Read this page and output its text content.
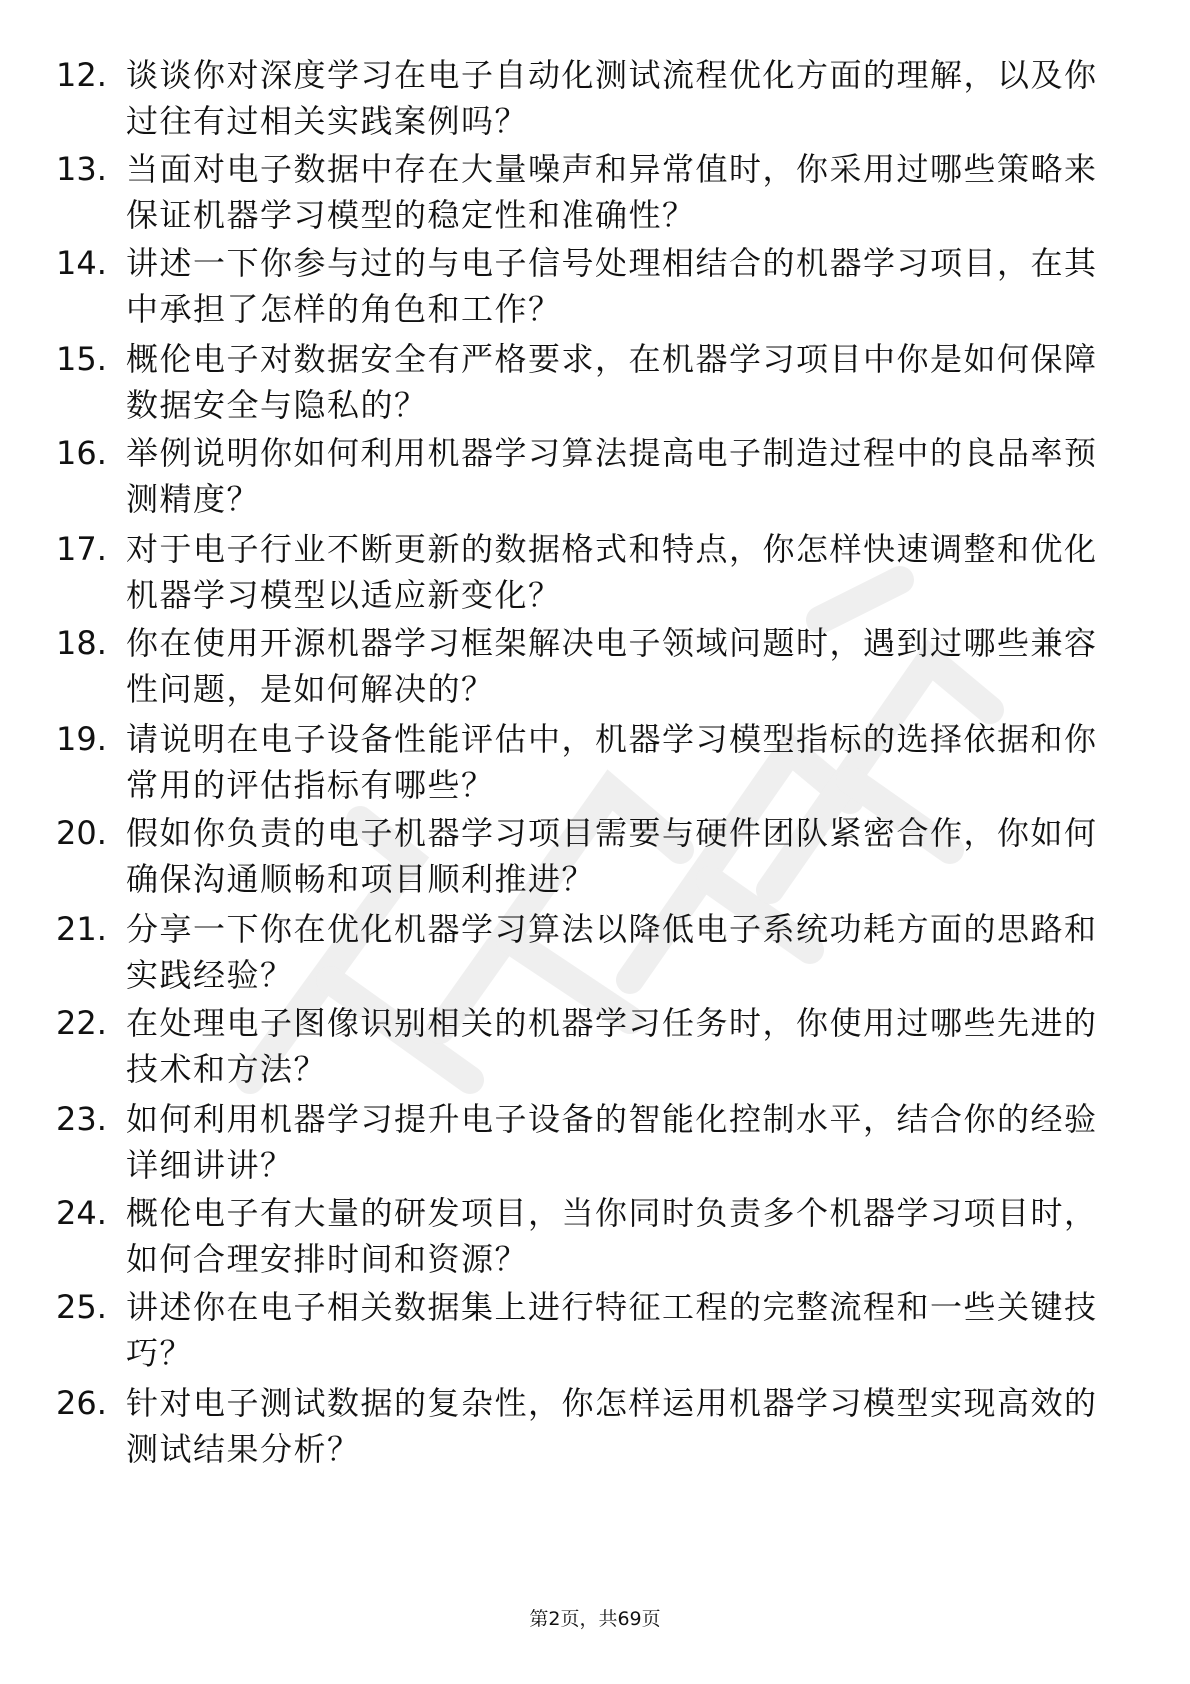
12. 谈谈你对深度学习在电子自动化测试流程优化方面的理解，以及你过往有过相关实践案例吗？
13. 当面对电子数据中存在大量噪声和异常值时，你采用过哪些策略来保证机器学习模型的稳定性和准确性？
14. 讲述一下你参与过的与电子信号处理相结合的机器学习项目，在其中承担了怎样的角色和工作？
15. 概伦电子对数据安全有严格要求，在机器学习项目中你是如何保障数据安全与隐私的？
16. 举例说明你如何利用机器学习算法提高电子制造过程中的良品率预测精度？
17. 对于电子行业不断更新的数据格式和特点，你怎样快速调整和优化机器学习模型以适应新变化？
18. 你在使用开源机器学习框架解决电子领域问题时，遇到过哪些兼容性问题，是如何解决的？
19. 请说明在电子设备性能评估中，机器学习模型指标的选择依据和你常用的评估指标有哪些？
20. 假如你负责的电子机器学习项目需要与硬件团队紧密合作，你如何确保沟通顺畅和项目顺利推进？
21. 分享一下你在优化机器学习算法以降低电子系统功耗方面的思路和实践经验？
22. 在处理电子图像识别相关的机器学习任务时，你使用过哪些先进的技术和方法？
23. 如何利用机器学习提升电子设备的智能化控制水平，结合你的经验详细讲讲？
24. 概伦电子有大量的研发项目，当你同时负责多个机器学习项目时，如何合理安排时间和资源？
25. 讲述你在电子相关数据集上进行特征工程的完整流程和一些关键技巧？
26. 针对电子测试数据的复杂性，你怎样运用机器学习模型实现高效的测试结果分析？
第2页，共69页
